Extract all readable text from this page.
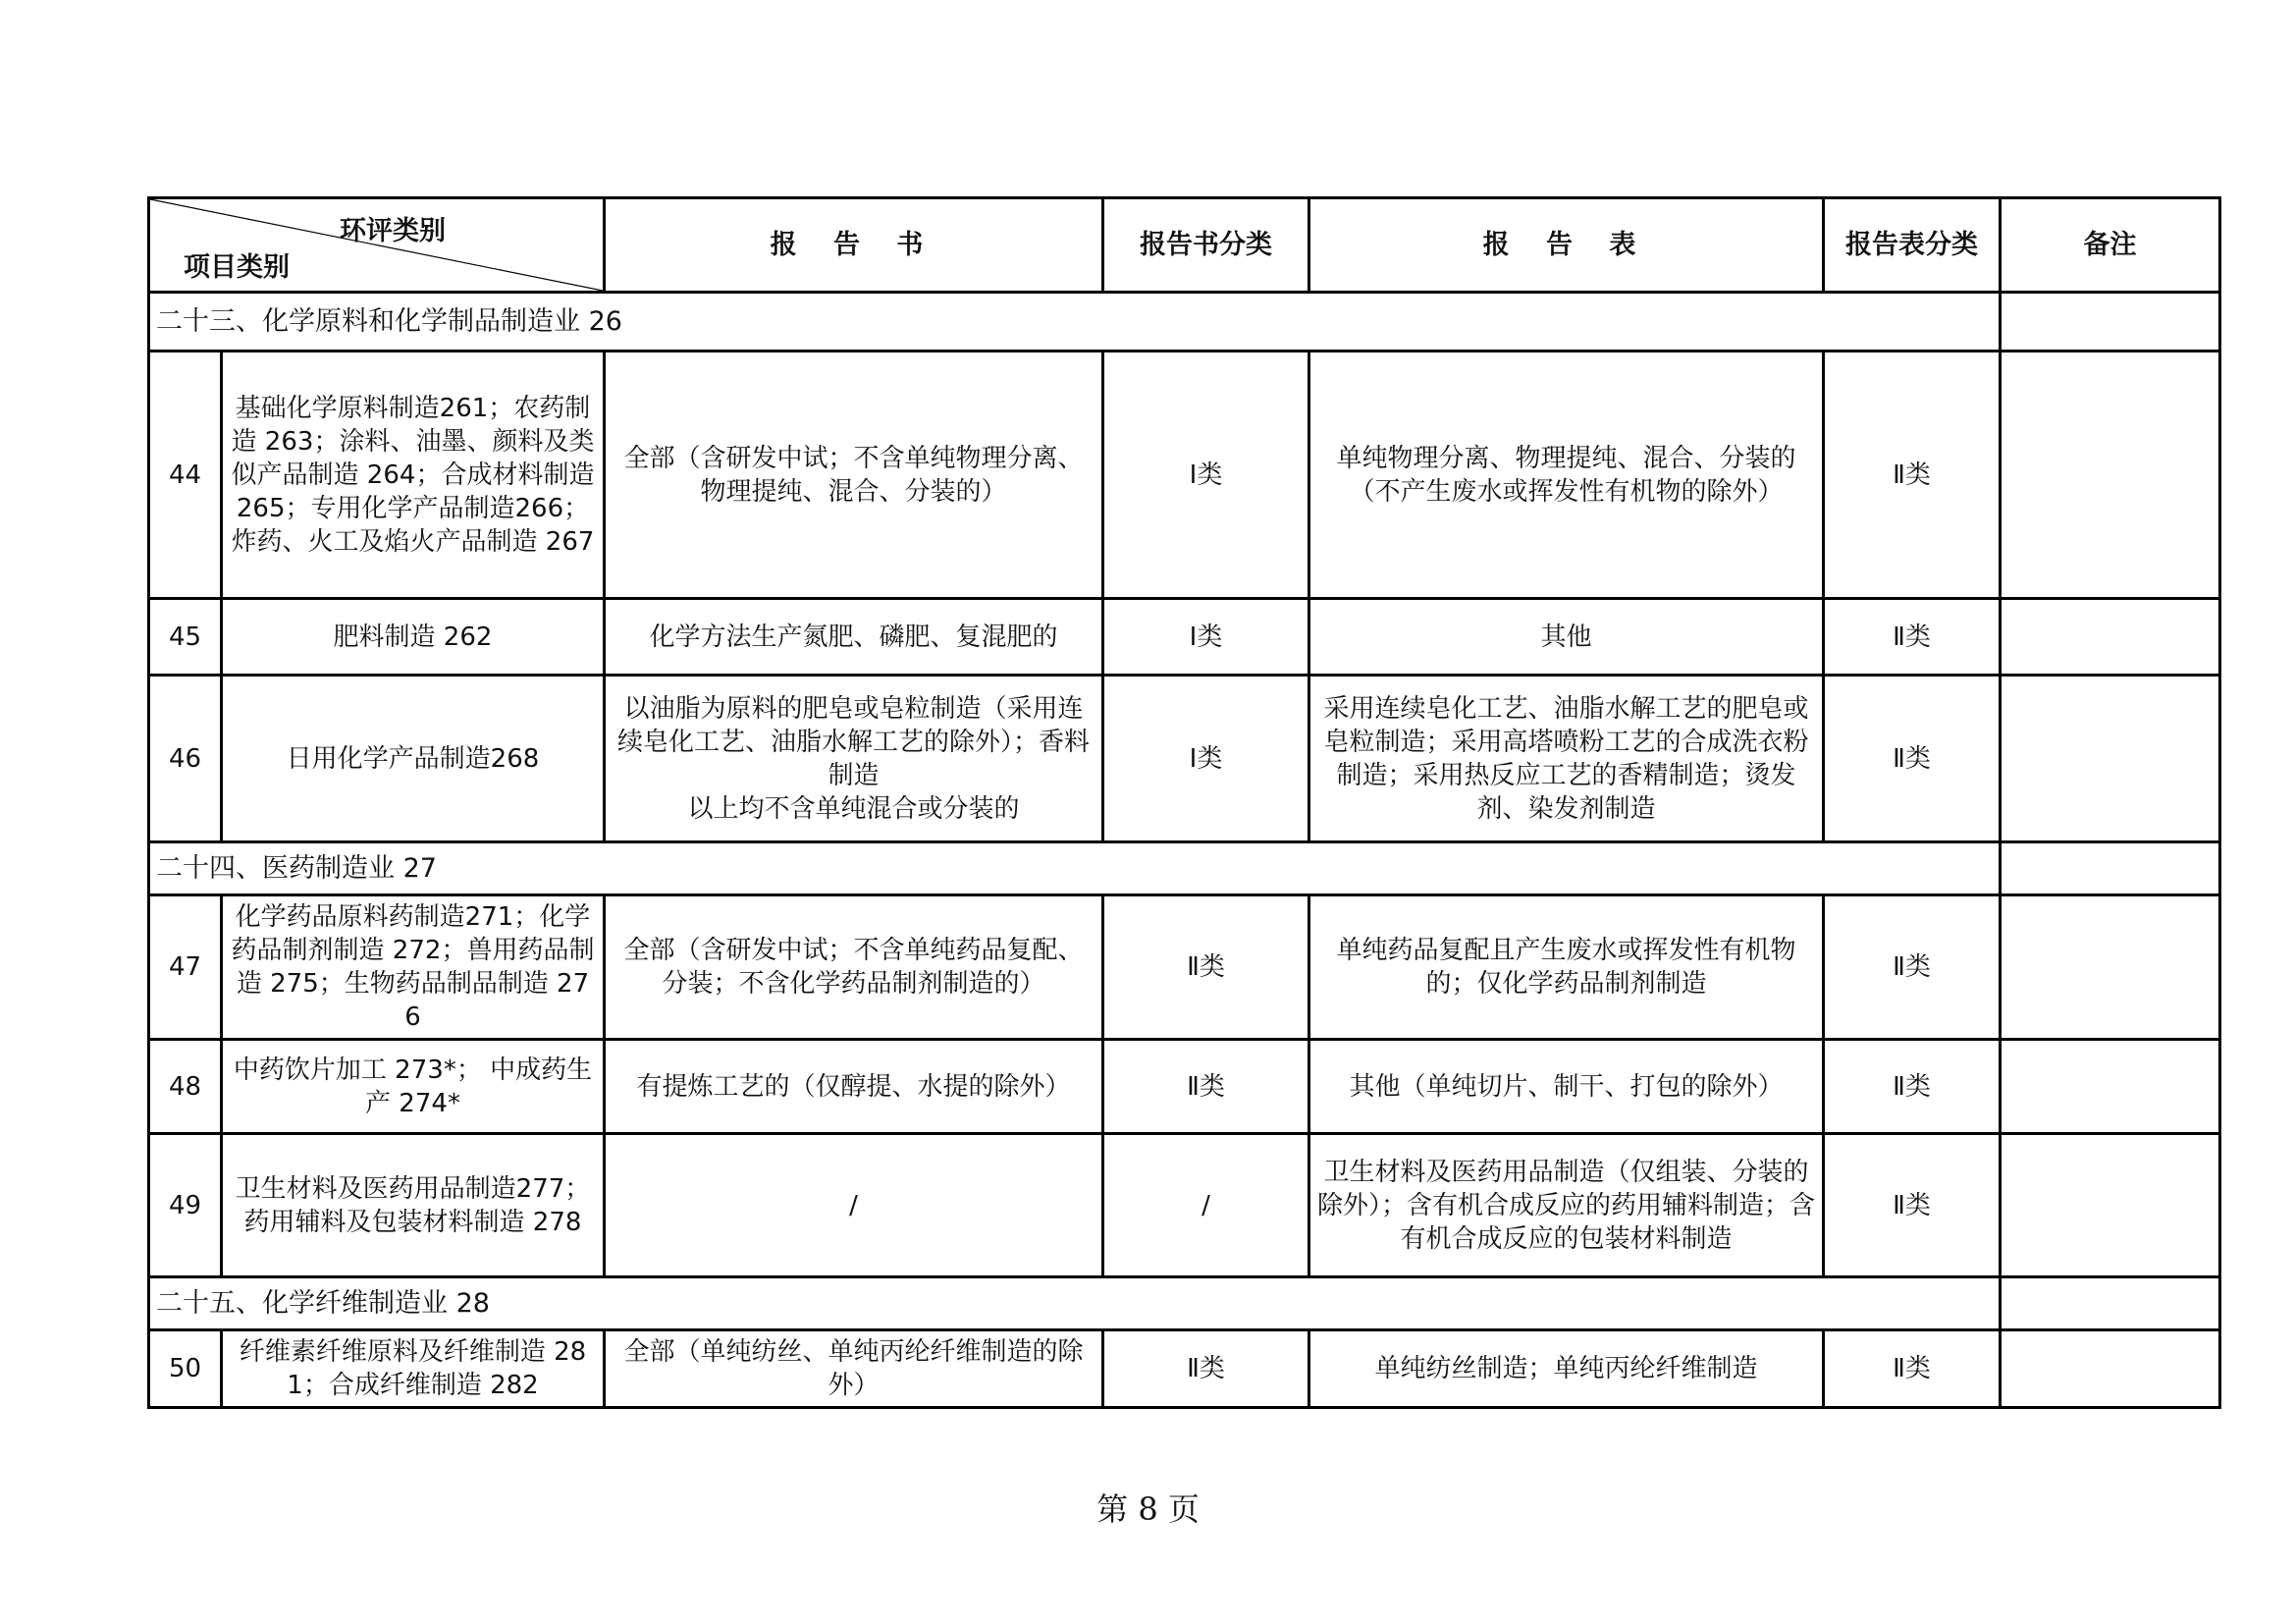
环评类别
项目类别		报 告 书	报告书分类	报 告 表	报告表分类	备注
二十三、化学原料和化学制品制造业 26						
44	基础化学原料制造261；农药制造 263；涂料、油墨、颜料及类似产品制造 264；合成材料制造 265；专用化学产品制造266；炸药、火工及焰火产品制造 267	全部（含研发中试；不含单纯物理分离、物理提纯、混合、分装的）	Ⅰ类	单纯物理分离、物理提纯、混合、分装的（不产生废水或挥发性有机物的除外）	Ⅱ类	
45	肥料制造 262	化学方法生产氮肥、磷肥、复混肥的	Ⅰ类	其他	Ⅱ类	
46	日用化学产品制造268	以油脂为原料的肥皂或皂粒制造（采用连续皂化工艺、油脂水解工艺的除外）；香料制造
以上均不含单纯混合或分装的	Ⅰ类	采用连续皂化工艺、油脂水解工艺的肥皂或皂粒制造；采用高塔喷粉工艺的合成洗衣粉制造；采用热反应工艺的香精制造；烫发剂、染发剂制造	Ⅱ类	
二十四、医药制造业 27						
47	化学药品原料药制造271；化学药品制剂制造 272；兽用药品制造 275；生物药品制品制造 276	全部（含研发中试；不含单纯药品复配、分装；不含化学药品制剂制造的）	Ⅱ类	单纯药品复配且产生废水或挥发性有机物的；仅化学药品制剂制造	Ⅱ类	
48	中药饮片加工 273*； 中成药生产 274*	有提炼工艺的（仅醇提、水提的除外）	Ⅱ类	其他（单纯切片、制干、打包的除外）	Ⅱ类	
49	卫生材料及医药用品制造277；药用辅料及包装材料制造 278	/	/	卫生材料及医药用品制造（仅组装、分装的除外）；含有机合成反应的药用辅料制造；含有机合成反应的包装材料制造	Ⅱ类	
二十五、化学纤维制造业 28						
50	纤维素纤维原料及纤维制造 281；合成纤维制造 282	全部（单纯纺丝、单纯丙纶纤维制造的除外）	Ⅱ类	单纯纺丝制造；单纯丙纶纤维制造	Ⅱ类	
第 8 页
